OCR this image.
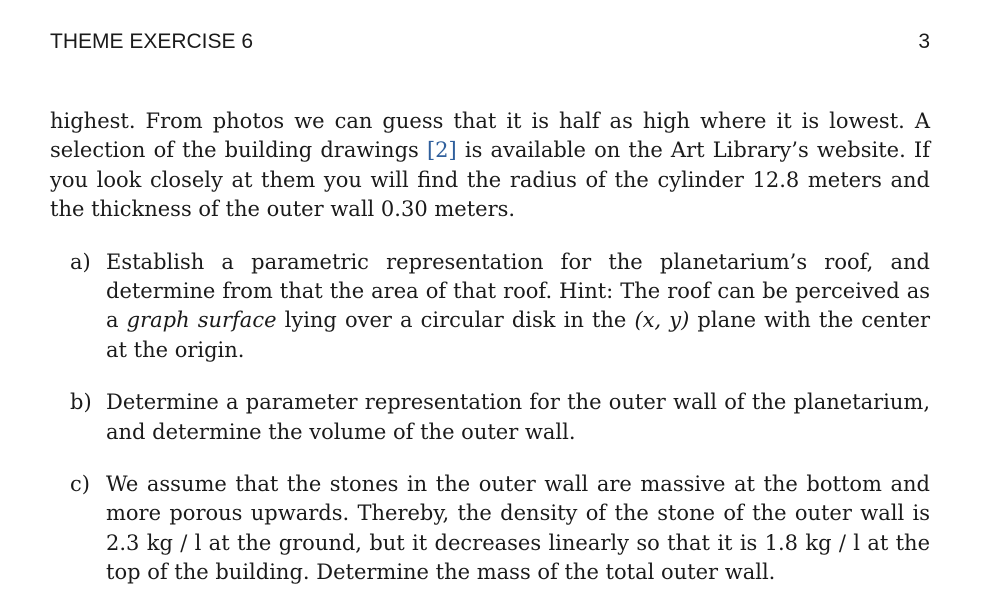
THEME EXERCISE 6	3

highest. From photos we can guess that it is half as high where it is lowest. A selection of the building drawings [2] is available on the Art Library’s website. If you look closely at them you will find the radius of the cylinder 12.8 meters and the thickness of the outer wall 0.30 meters.

a) Establish a parametric representation for the planetarium’s roof, and determine from that the area of that roof. Hint: The roof can be perceived as a graph surface lying over a circular disk in the (x, y) plane with the center at the origin.
b) Determine a parameter representation for the outer wall of the planetarium, and determine the volume of the outer wall.
c) We assume that the stones in the outer wall are massive at the bottom and more porous upwards. Thereby, the density of the stone of the outer wall is 2.3 kg / l at the ground, but it decreases linearly so that it is 1.8 kg / l at the top of the building. Determine the mass of the total outer wall.
